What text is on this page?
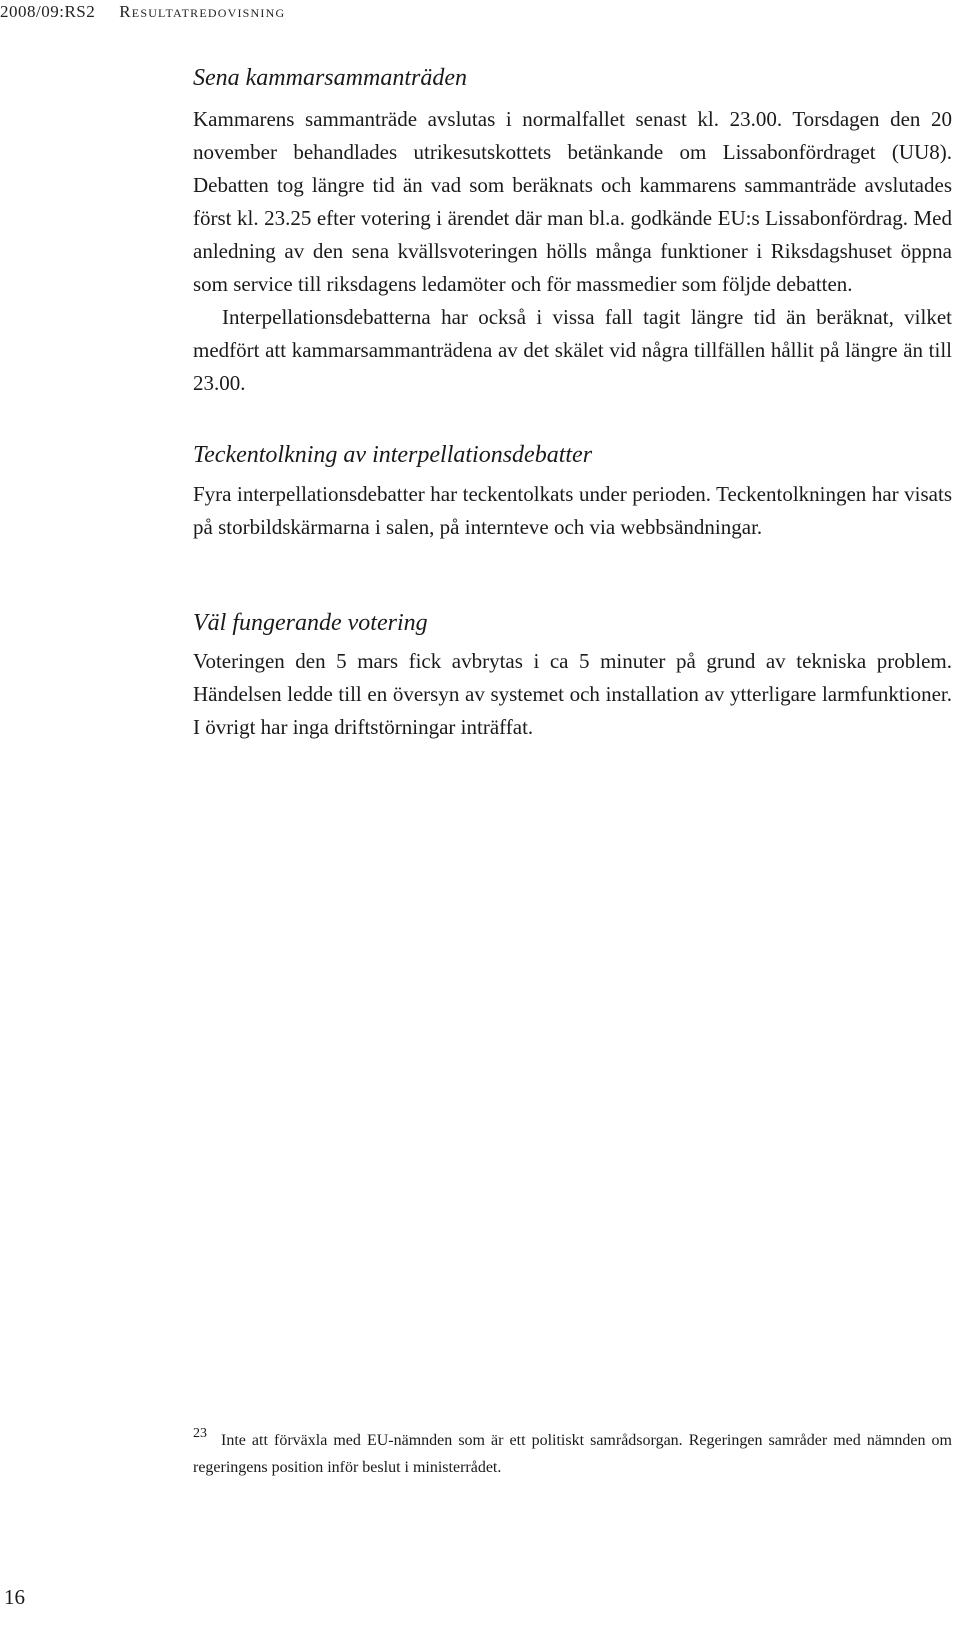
2008/09:RS2 Resultatredovisning
Sena kammarsammanträden

Kammarens sammanträde avslutas i normalfallet senast kl. 23.00. Torsdagen den 20 november behandlades utrikesutskottets betänkande om Lissabonfördraget (UU8). Debatten tog längre tid än vad som beräknats och kammarens sammanträde avslutades först kl. 23.25 efter votering i ärendet där man bl.a. godkände EU:s Lissabonfördrag. Med anledning av den sena kvällsvoteringen hölls många funktioner i Riksdagshuset öppna som service till riksdagens ledamöter och för massmedier som följde debatten.

Interpellationsdebatterna har också i vissa fall tagit längre tid än beräknat, vilket medfört att kammarsammanträdena av det skälet vid några tillfällen hållit på längre än till 23.00.

Teckentolkning av interpellationsdebatter

Fyra interpellationsdebatter har teckentolkats under perioden. Teckentolkningen har visats på storbildskärmarna i salen, på internteve och via webbsändningar.

Väl fungerande votering

Voteringen den 5 mars fick avbrytas i ca 5 minuter på grund av tekniska problem. Händelsen ledde till en översyn av systemet och installation av ytterligare larmfunktioner. I övrigt har inga driftstörningar inträffat.

23 Inte att förväxla med EU-nämnden som är ett politiskt samrådsorgan. Regeringen samråder med nämnden om regeringens position inför beslut i ministerrådet.
16
